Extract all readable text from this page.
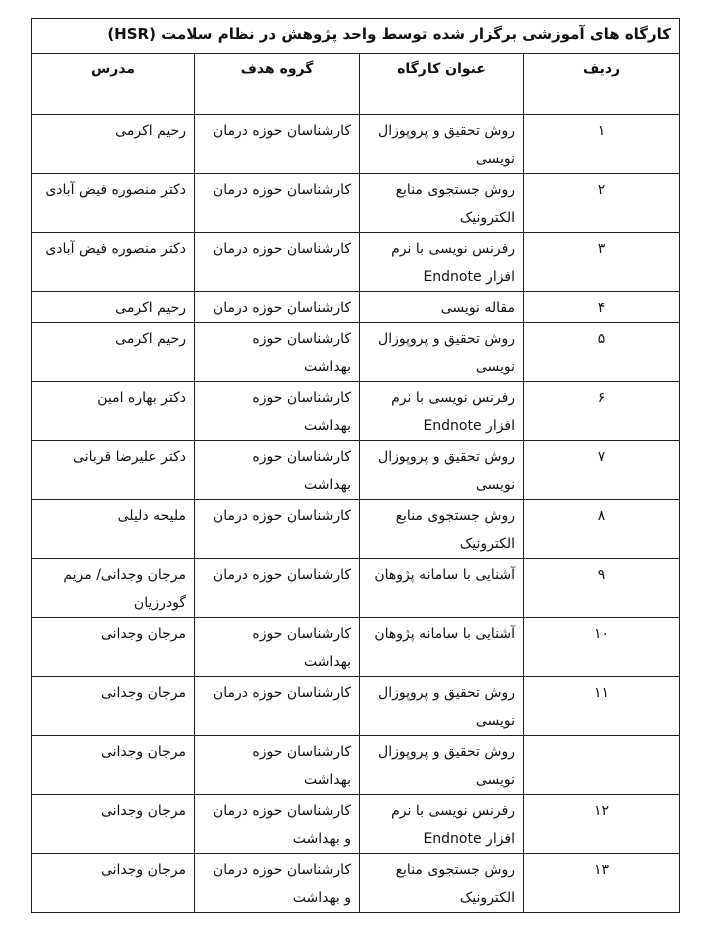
کارگاه های آموزشی برگزار شده توسط واحد پژوهش در نظام سلامت (HSR)			
ردیف	عنوان کارگاه	گروه هدف	مدرس
۱	روش تحقیق و پروپوزال نویسی	کارشناسان حوزه درمان	رحیم اکرمی
۲	روش جستجوی منابع الکترونیک	کارشناسان حوزه درمان	دکتر منصوره فیض آبادی
۳	رفرنس نویسی با نرم افزار Endnote	کارشناسان حوزه درمان	دکتر منصوره فیض آبادی
۴	مقاله نویسی	کارشناسان حوزه درمان	رحیم اکرمی
۵	روش تحقیق و پروپوزال نویسی	کارشناسان حوزه بهداشت	رحیم اکرمی
۶	رفرنس نویسی با نرم افزار Endnote	کارشناسان حوزه بهداشت	دکتر بهاره امین
۷	روش تحقیق و پروپوزال نویسی	کارشناسان حوزه بهداشت	دکتر علیرضا قربانی
۸	روش جستجوی منابع الکترونیک	کارشناسان حوزه درمان	ملیحه دلیلی
۹	آشنایی با سامانه پژوهان	کارشناسان حوزه درمان	مرجان وجدانی/ مریم گودرزیان
۱۰	آشنایی با سامانه پژوهان	کارشناسان حوزه بهداشت	مرجان وجدانی
۱۱	روش تحقیق و پروپوزال نویسی	کارشناسان حوزه درمان	مرجان وجدانی
	روش تحقیق و پروپوزال نویسی	کارشناسان حوزه بهداشت	مرجان وجدانی
۱۲	رفرنس نویسی با نرم افزار Endnote	کارشناسان حوزه درمان و بهداشت	مرجان وجدانی
۱۳	روش جستجوی منابع الکترونیک	کارشناسان حوزه درمان و بهداشت	مرجان وجدانی
